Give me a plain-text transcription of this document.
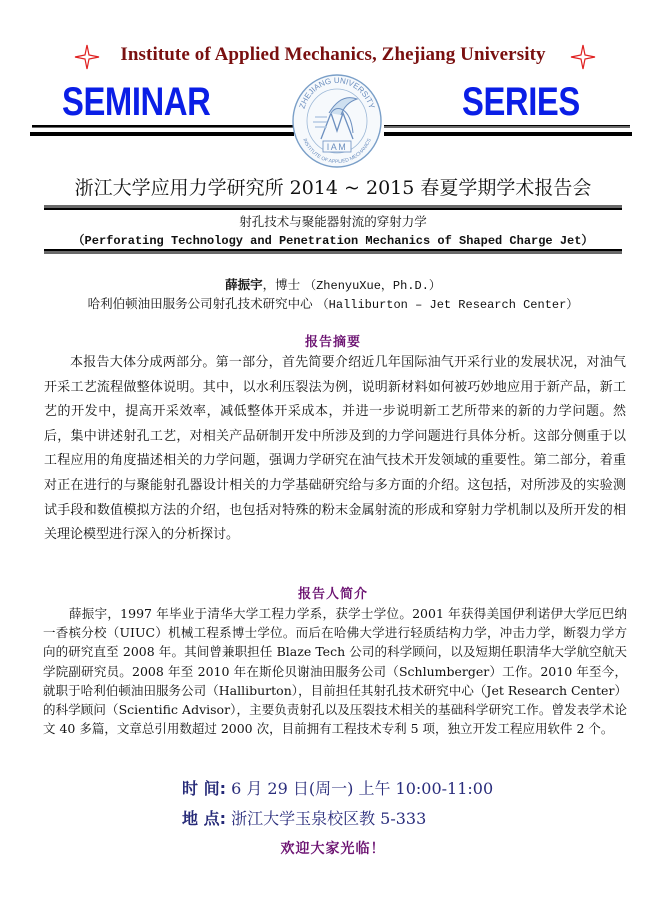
Institute of Applied Mechanics, Zhejiang University
SEMINAR	SERIES
ZHEJIANG UNIVERSITY
INSTITUTE OF APPLIED MECHANICS
IAM
浙江大学应用力学研究所 2014 ~ 2015 春夏学期学术报告会
射孔技术与聚能器射流的穿射力学
（Perforating Technology and Penetration Mechanics of Shaped Charge Jet）
薛振宇，博士 （ZhenyuXue，Ph.D.）
哈利伯顿油田服务公司射孔技术研究中心 （Halliburton – Jet Research Center）
报告摘要

本报告大体分成两部分。第一部分，首先简要介绍近几年国际油气开采行业的发展状况，对油气开采工艺流程做整体说明。其中，以水利压裂法为例，说明新材料如何被巧妙地应用于新产品，新工艺的开发中，提高开采效率，减低整体开采成本，并进一步说明新工艺所带来的新的力学问题。然后，集中讲述射孔工艺，对相关产品研制开发中所涉及到的力学问题进行具体分析。这部分侧重于以工程应用的角度描述相关的力学问题，强调力学研究在油气技术开发领域的重要性。第二部分，着重对正在进行的与聚能射孔器设计相关的力学基础研究给与多方面的介绍。这包括，对所涉及的实验测试手段和数值模拟方法的介绍，也包括对特殊的粉末金属射流的形成和穿射力学机制以及所开发的相关理论模型进行深入的分析探讨。

报告人简介

薛振宇，1997 年毕业于清华大学工程力学系，获学士学位。2001 年获得美国伊利诺伊大学厄巴纳一香槟分校（UIUC）机械工程系博士学位。而后在哈佛大学进行轻质结构力学，冲击力学，断裂力学方向的研究直至 2008 年。其间曾兼职担任 Blaze Tech 公司的科学顾问，以及短期任职清华大学航空航天学院副研究员。2008 年至 2010 年在斯伦贝谢油田服务公司（Schlumberger）工作。2010 年至今，就职于哈利伯顿油田服务公司（Halliburton），目前担任其射孔技术研究中心（Jet Research Center）的科学顾问（Scientific Advisor），主要负责射孔以及压裂技术相关的基础科学研究工作。曾发表学术论文 40 多篇，文章总引用数超过 2000 次，目前拥有工程技术专利 5 项，独立开发工程应用软件 2 个。

时 间: 6 月 29 日(周一) 上午 10:00-11:00
地 点: 浙江大学玉泉校区教 5-333
欢迎大家光临！
